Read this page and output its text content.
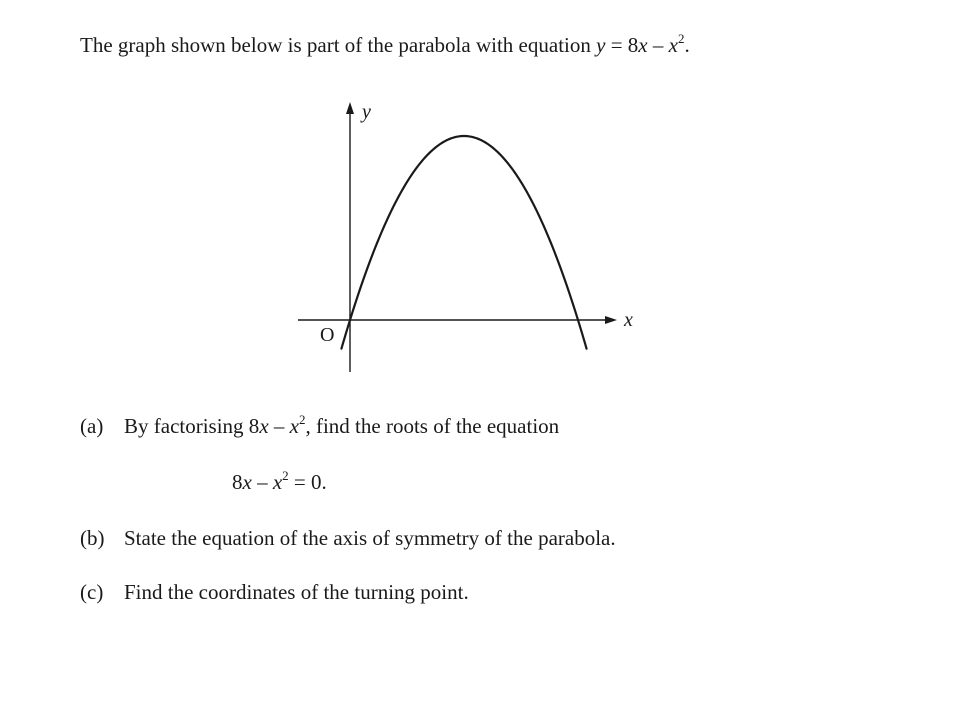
The graph shown below is part of the parabola with equation $y = 8x - x^2$.
y
x
O
(a) By factorising $8x - x^2$, find the roots of the equation
$8x - x^2 = 0$.
(b) State the equation of the axis of symmetry of the parabola.
(c) Find the coordinates of the turning point.
